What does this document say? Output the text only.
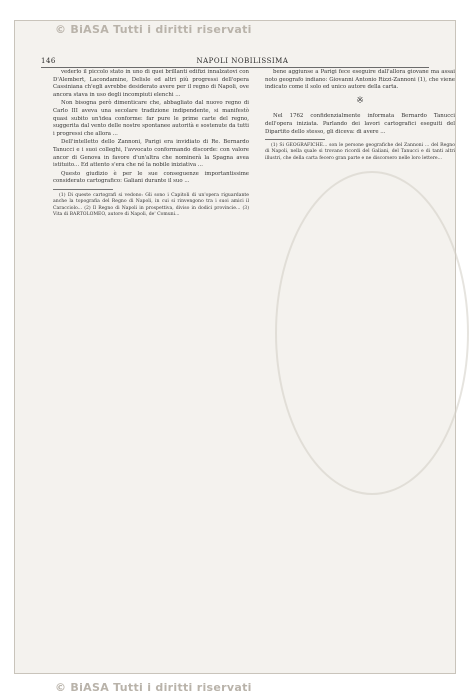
© BiASA Tutti i diritti riservati
146	NAPOLI NOBILISSIMA

vederlo il piccolo stato in uno di quei brillanti edifizi innalzatovi con D'Alembert, Lacondamine, Delisle ed altri più progressi dell'opera Cassiniana ch'egli avrebbe desiderato avere per il regno di Napoli, ove ancora stava in uso degli incompiuti elenchi ...

Non bisogna però dimenticare che, abbagliato dal nuovo regno di Carlo III aveva una secolare tradizione indipendente, si manifestò quasi subito un'idea conforme: far pure le prime carte del regno, suggerita dal vento delle nostre spontanee autorità e sostenute da tutti i progressi che allora ...

Dell'intelletto dello Zannoni, Parigi era invidiato di Re. Bernardo Tanucci e i suoi colleghi, l'avvocato conformando discorde: con valore ancor di Genova in favore d'un'altra che nominerà la Spagna avea istituito... Ed attento s'era che né la nobile iniziativa ...

Questo giudizio è per le sue conseguenze importantissime considerato cartografico: Galiani durante il suo ...

(1) Di queste cartografi si vedono: Gli sono i Capitoli di un'opera riguardante anche la topografia del Regno di Napoli, in cui si rinvengono tra i suoi amici il Caracciolo... (2) Il Regno di Napoli in prospettiva, diviso in dodici provincie... (3) Vita di BARTOLOMEO, autore di Napoli, de' Comuni...

bene aggiunse a Parigi fece eseguire dall'allora giovane ma assai noto geografo indiano: Giovanni Antonio Rizzi-Zannoni (1), che viene indicato come il solo ed unico autore della carta.

※

Nel 1762 confidenzialmente informata Bernardo Tanucci dell'opera iniziata. Parlando dei lavori cartografici eseguiti del Dipartito dello stesso, gli diceva: di avere ...

(1) Si GEOGRAFICHE... son le persone geografiche del Zannoni ... del Regno di Napoli, nella quale si trovano ricordi del Galiani, del Tanucci e di tanti altri illustri, che della carta fecero gran parte e ne discorsero nelle loro lettere...

© BiASA Tutti i diritti riservati
